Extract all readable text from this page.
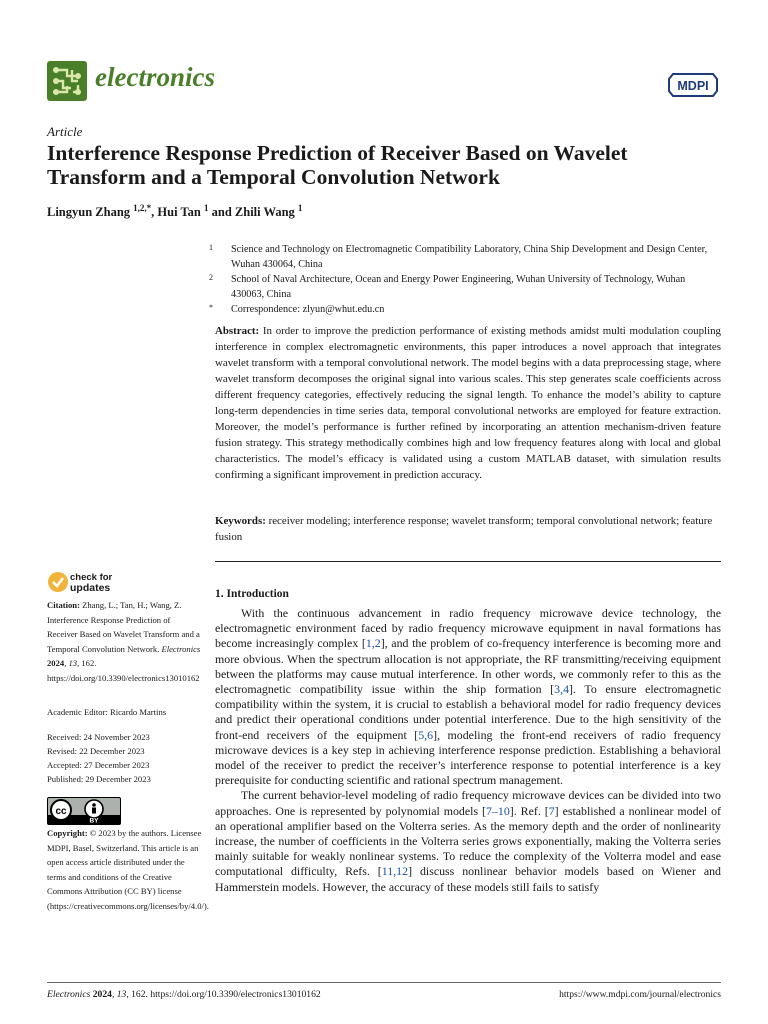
electronics	MDPI
Article
Interference Response Prediction of Receiver Based on Wavelet Transform and a Temporal Convolution Network
Lingyun Zhang $^{1,2,*}$, Hui Tan $^1$ and Zhili Wang $^1$
1 Science and Technology on Electromagnetic Compatibility Laboratory, China Ship Development and Design Center, Wuhan 430064, China
2 School of Naval Architecture, Ocean and Energy Power Engineering, Wuhan University of Technology, Wuhan 430063, China
* Correspondence: zlyun@whut.edu.cn
Abstract: In order to improve the prediction performance of existing methods amidst multi modulation coupling interference in complex electromagnetic environments, this paper introduces a novel approach that integrates wavelet transform with a temporal convolutional network. The model begins with a data preprocessing stage, where wavelet transform decomposes the original signal into various scales. This step generates scale coefficients across different frequency categories, effectively reducing the signal length. To enhance the model’s ability to capture long-term dependencies in time series data, temporal convolutional networks are employed for feature extraction. Moreover, the model’s performance is further refined by incorporating an attention mechanism-driven feature fusion strategy. This strategy methodically combines high and low frequency features along with local and global characteristics. The model’s efficacy is validated using a custom MATLAB dataset, with simulation results confirming a significant improvement in prediction accuracy.
Keywords: receiver modeling; interference response; wavelet transform; temporal convolutional network; feature fusion
check for
updates
Citation: Zhang, L.; Tan, H.; Wang, Z. Interference Response Prediction of Receiver Based on Wavelet Transform and a Temporal Convolution Network. Electronics 2024, 13, 162. https://doi.org/10.3390/electronics13010162
Academic Editor: Ricardo Martins
Received: 24 November 2023
Revised: 22 December 2023
Accepted: 27 December 2023
Published: 29 December 2023
cc
BY
Copyright: © 2023 by the authors. Licensee MDPI, Basel, Switzerland. This article is an open access article distributed under the terms and conditions of the Creative Commons Attribution (CC BY) license (https://creativecommons.org/licenses/by/4.0/).
1. Introduction

With the continuous advancement in radio frequency microwave device technology, the electromagnetic environment faced by radio frequency microwave equipment in naval formations has become increasingly complex [1,2], and the problem of co-frequency interference is becoming more and more obvious. When the spectrum allocation is not appropriate, the RF transmitting/receiving equipment between the platforms may cause mutual interference. In other words, we commonly refer to this as the electromagnetic compatibility issue within the ship formation [3,4]. To ensure electromagnetic compatibility within the system, it is crucial to establish a behavioral model for radio frequency devices and predict their operational conditions under potential interference. Due to the high sensitivity of the front-end receivers of the equipment [5,6], modeling the front-end receivers of radio frequency microwave devices is a key step in achieving interference response prediction. Establishing a behavioral model of the receiver to predict the receiver’s interference response to potential interference is a key prerequisite for conducting scientific and rational spectrum management.

The current behavior-level modeling of radio frequency microwave devices can be divided into two approaches. One is represented by polynomial models [7–10]. Ref. [7] established a nonlinear model of an operational amplifier based on the Volterra series. As the memory depth and the order of nonlinearity increase, the number of coefficients in the Volterra series grows exponentially, making the Volterra series mainly suitable for weakly nonlinear systems. To reduce the complexity of the Volterra model and ease computational difficulty, Refs. [11,12] discuss nonlinear behavior models based on Wiener and Hammerstein models. However, the accuracy of these models still fails to satisfy

Electronics 2024, 13, 162. https://doi.org/10.3390/electronics13010162	https://www.mdpi.com/journal/electronics
